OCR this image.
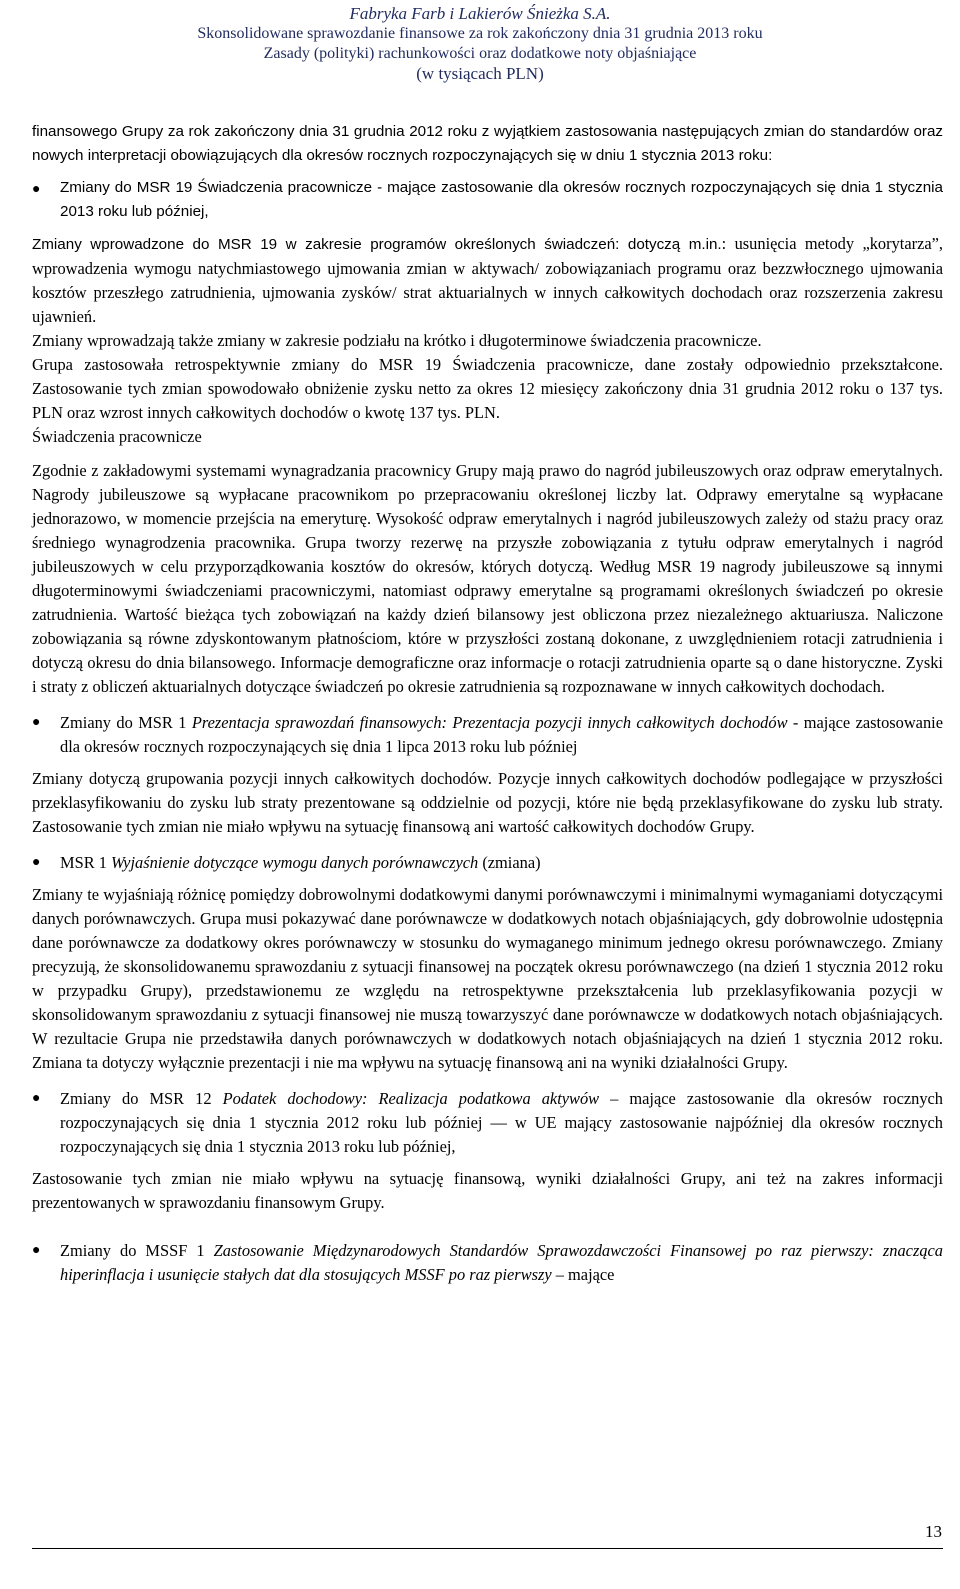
Fabryka Farb i Lakierów Śnieżka S.A.
Skonsolidowane sprawozdanie finansowe za rok zakończony dnia 31 grudnia 2013 roku
Zasady (polityki) rachunkowości oraz dodatkowe noty objaśniające
(w tysiącach PLN)

finansowego Grupy za rok zakończony dnia 31 grudnia 2012 roku z wyjątkiem zastosowania następujących zmian do standardów oraz nowych interpretacji obowiązujących dla okresów rocznych rozpoczynających się w dniu 1 stycznia 2013 roku:

● Zmiany do MSR 19 Świadczenia pracownicze - mające zastosowanie dla okresów rocznych rozpoczynających się dnia 1 stycznia 2013 roku lub później,

Zmiany wprowadzone do MSR 19 w zakresie programów określonych świadczeń: dotyczą m.in.: usunięcia metody „korytarza”, wprowadzenia wymogu natychmiastowego ujmowania zmian w aktywach/ zobowiązaniach programu oraz bezzwłocznego ujmowania kosztów przeszłego zatrudnienia, ujmowania zysków/ strat aktuarialnych w innych całkowitych dochodach oraz rozszerzenia zakresu ujawnień.

Zmiany wprowadzają także zmiany w zakresie podziału na krótko i długoterminowe świadczenia pracownicze.

Grupa zastosowała retrospektywnie zmiany do MSR 19 Świadczenia pracownicze, dane zostały odpowiednio przekształcone. Zastosowanie tych zmian spowodowało obniżenie zysku netto za okres 12 miesięcy zakończony dnia 31 grudnia 2012 roku o 137 tys. PLN oraz wzrost innych całkowitych dochodów o kwotę 137 tys. PLN.

Świadczenia pracownicze

Zgodnie z zakładowymi systemami wynagradzania pracownicy Grupy mają prawo do nagród jubileuszowych oraz odpraw emerytalnych. Nagrody jubileuszowe są wypłacane pracownikom po przepracowaniu określonej liczby lat. Odprawy emerytalne są wypłacane jednorazowo, w momencie przejścia na emeryturę. Wysokość odpraw emerytalnych i nagród jubileuszowych zależy od stażu pracy oraz średniego wynagrodzenia pracownika. Grupa tworzy rezerwę na przyszłe zobowiązania z tytułu odpraw emerytalnych i nagród jubileuszowych w celu przyporządkowania kosztów do okresów, których dotyczą. Według MSR 19 nagrody jubileuszowe są innymi długoterminowymi świadczeniami pracowniczymi, natomiast odprawy emerytalne są programami określonych świadczeń po okresie zatrudnienia. Wartość bieżąca tych zobowiązań na każdy dzień bilansowy jest obliczona przez niezależnego aktuariusza. Naliczone zobowiązania są równe zdyskontowanym płatnościom, które w przyszłości zostaną dokonane, z uwzględnieniem rotacji zatrudnienia i dotyczą okresu do dnia bilansowego. Informacje demograficzne oraz informacje o rotacji zatrudnienia oparte są o dane historyczne. Zyski i straty z obliczeń aktuarialnych dotyczące świadczeń po okresie zatrudnienia są rozpoznawane w innych całkowitych dochodach.

● Zmiany do MSR 1 Prezentacja sprawozdań finansowych: Prezentacja pozycji innych całkowitych dochodów - mające zastosowanie dla okresów rocznych rozpoczynających się dnia 1 lipca 2013 roku lub później

Zmiany dotyczą grupowania pozycji innych całkowitych dochodów. Pozycje innych całkowitych dochodów podlegające w przyszłości przeklasyfikowaniu do zysku lub straty prezentowane są oddzielnie od pozycji, które nie będą przeklasyfikowane do zysku lub straty. Zastosowanie tych zmian nie miało wpływu na sytuację finansową ani wartość całkowitych dochodów Grupy.

● MSR 1 Wyjaśnienie dotyczące wymogu danych porównawczych (zmiana)

Zmiany te wyjaśniają różnicę pomiędzy dobrowolnymi dodatkowymi danymi porównawczymi i minimalnymi wymaganiami dotyczącymi danych porównawczych. Grupa musi pokazywać dane porównawcze w dodatkowych notach objaśniających, gdy dobrowolnie udostępnia dane porównawcze za dodatkowy okres porównawczy w stosunku do wymaganego minimum jednego okresu porównawczego. Zmiany precyzują, że skonsolidowanemu sprawozdaniu z sytuacji finansowej na początek okresu porównawczego (na dzień 1 stycznia 2012 roku w przypadku Grupy), przedstawionemu ze względu na retrospektywne przekształcenia lub przeklasyfikowania pozycji w skonsolidowanym sprawozdaniu z sytuacji finansowej nie muszą towarzyszyć dane porównawcze w dodatkowych notach objaśniających. W rezultacie Grupa nie przedstawiła danych porównawczych w dodatkowych notach objaśniających na dzień 1 stycznia 2012 roku. Zmiana ta dotyczy wyłącznie prezentacji i nie ma wpływu na sytuację finansową ani na wyniki działalności Grupy.

● Zmiany do MSR 12 Podatek dochodowy: Realizacja podatkowa aktywów – mające zastosowanie dla okresów rocznych rozpoczynających się dnia 1 stycznia 2012 roku lub później — w UE mający zastosowanie najpóźniej dla okresów rocznych rozpoczynających się dnia 1 stycznia 2013 roku lub później,

Zastosowanie tych zmian nie miało wpływu na sytuację finansową, wyniki działalności Grupy, ani też na zakres informacji prezentowanych w sprawozdaniu finansowym Grupy.

● Zmiany do MSSF 1 Zastosowanie Międzynarodowych Standardów Sprawozdawczości Finansowej po raz pierwszy: znacząca hiperinflacja i usunięcie stałych dat dla stosujących MSSF po raz pierwszy – mające
13
